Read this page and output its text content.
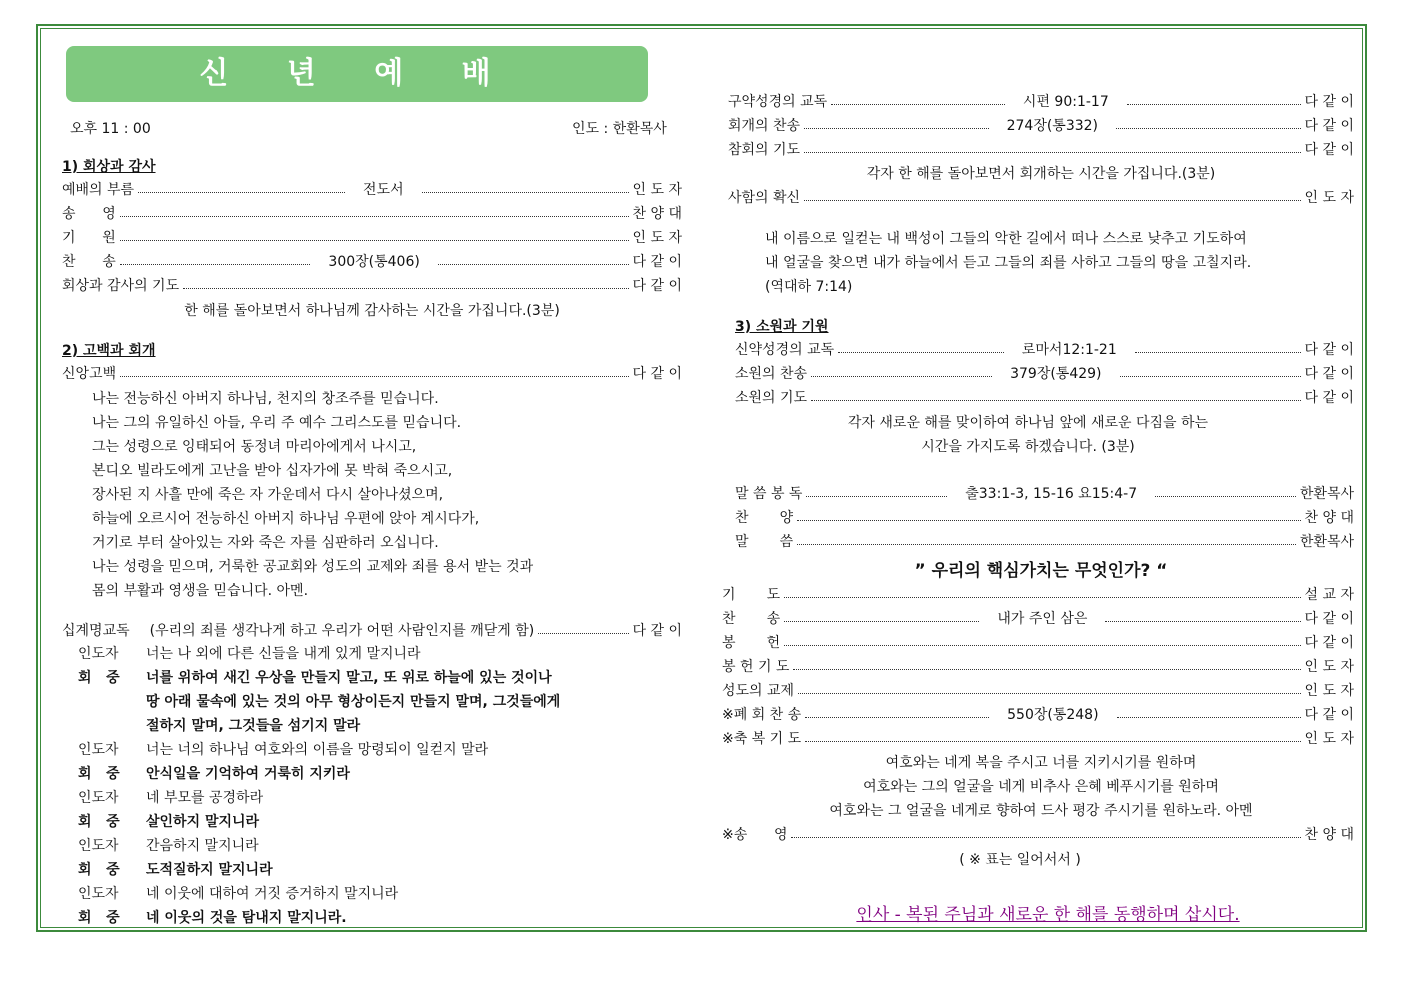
신 년 예 배
오후 11 : 00	인도 : 한환목사
1) 회상과 감사
예배의 부름	전도서	인 도 자
송      영	찬 양 대
기      원	인 도 자
찬      송	300장(통406)	다 같 이
회상과 감사의 기도	다 같 이
한 해를 돌아보면서 하나님께 감사하는 시간을 가집니다.(3분)
2) 고백과 회개
신앙고백	다 같 이
나는 전능하신 아버지 하나님, 천지의 창조주를 믿습니다.
나는 그의 유일하신 아들, 우리 주 예수 그리스도를 믿습니다.
그는 성령으로 잉태되어 동정녀 마리아에게서 나시고,
본디오 빌라도에게 고난을 받아 십자가에 못 박혀 죽으시고,
장사된 지 사흘 만에 죽은 자 가운데서 다시 살아나셨으며,
하늘에 오르시어 전능하신 아버지 하나님 우편에 앉아 계시다가,
거기로 부터 살아있는 자와 죽은 자를 심판하러 오십니다.
나는 성령을 믿으며, 거룩한 공교회와 성도의 교제와 죄를 용서 받는 것과
몸의 부활과 영생을 믿습니다. 아멘.
십계명교독 (우리의 죄를 생각나게 하고 우리가 어떤 사람인지를 깨닫게 함)	다 같 이
인도자 너는 나 외에 다른 신들을 내게 있게 말지니라
회   중 너를 위하여 새긴 우상을 만들지 말고, 또 위로 하늘에 있는 것이나
땅 아래 물속에 있는 것의 아무 형상이든지 만들지 말며, 그것들에게
절하지 말며, 그것들을 섬기지 말라
인도자 너는 너의 하나님 여호와의 이름을 망령되이 일컫지 말라
회   중 안식일을 기억하여 거룩히 지키라
인도자 네 부모를 공경하라
회   중 살인하지 말지니라
인도자 간음하지 말지니라
회   중 도적질하지 말지니라
인도자 네 이웃에 대하여 거짓 증거하지 말지니라
회   중 네 이웃의 것을 탐내지 말지니라.
구약성경의 교독	시편 90:1-17	다 같 이
회개의 찬송	274장(통332)	다 같 이
참회의 기도	다 같 이
각자 한 해를 돌아보면서 회개하는 시간을 가집니다.(3분)
사함의 확신	인 도 자
내 이름으로 일컫는 내 백성이 그들의 악한 길에서 떠나 스스로 낮추고 기도하여
내 얼굴을 찾으면 내가 하늘에서 듣고 그들의 죄를 사하고 그들의 땅을 고칠지라.
(역대하 7:14)
3) 소원과 기원
신약성경의 교독	로마서12:1-21	다 같 이
소원의 찬송	379장(통429)	다 같 이
소원의 기도	다 같 이
각자 새로운 해를 맞이하여 하나님 앞에 새로운 다짐을 하는
시간을 가지도록 하겠습니다. (3분)
말 씀 봉 독	출33:1-3, 15-16 요15:4-7	한환목사
찬       양	찬 양 대
말       씀	한환목사
” 우리의 핵심가치는 무엇인가? “
기       도	설 교 자
찬       송	내가 주인 삼은	다 같 이
봉       헌	다 같 이
봉 헌 기 도	인 도 자
성도의 교제	인 도 자
※폐 회 찬 송	550장(통248)	다 같 이
※축 복 기 도	인 도 자
여호와는 네게 복을 주시고 너를 지키시기를 원하며
여호와는 그의 얼굴을 네게 비추사 은혜 베푸시기를 원하며
여호와는 그 얼굴을 네게로 향하여 드사 평강 주시기를 원하노라. 아멘
※송      영	찬 양 대
( ※ 표는 일어서서 )
인사 - 복된 주님과 새로운 한 해를 동행하며 삽시다.
